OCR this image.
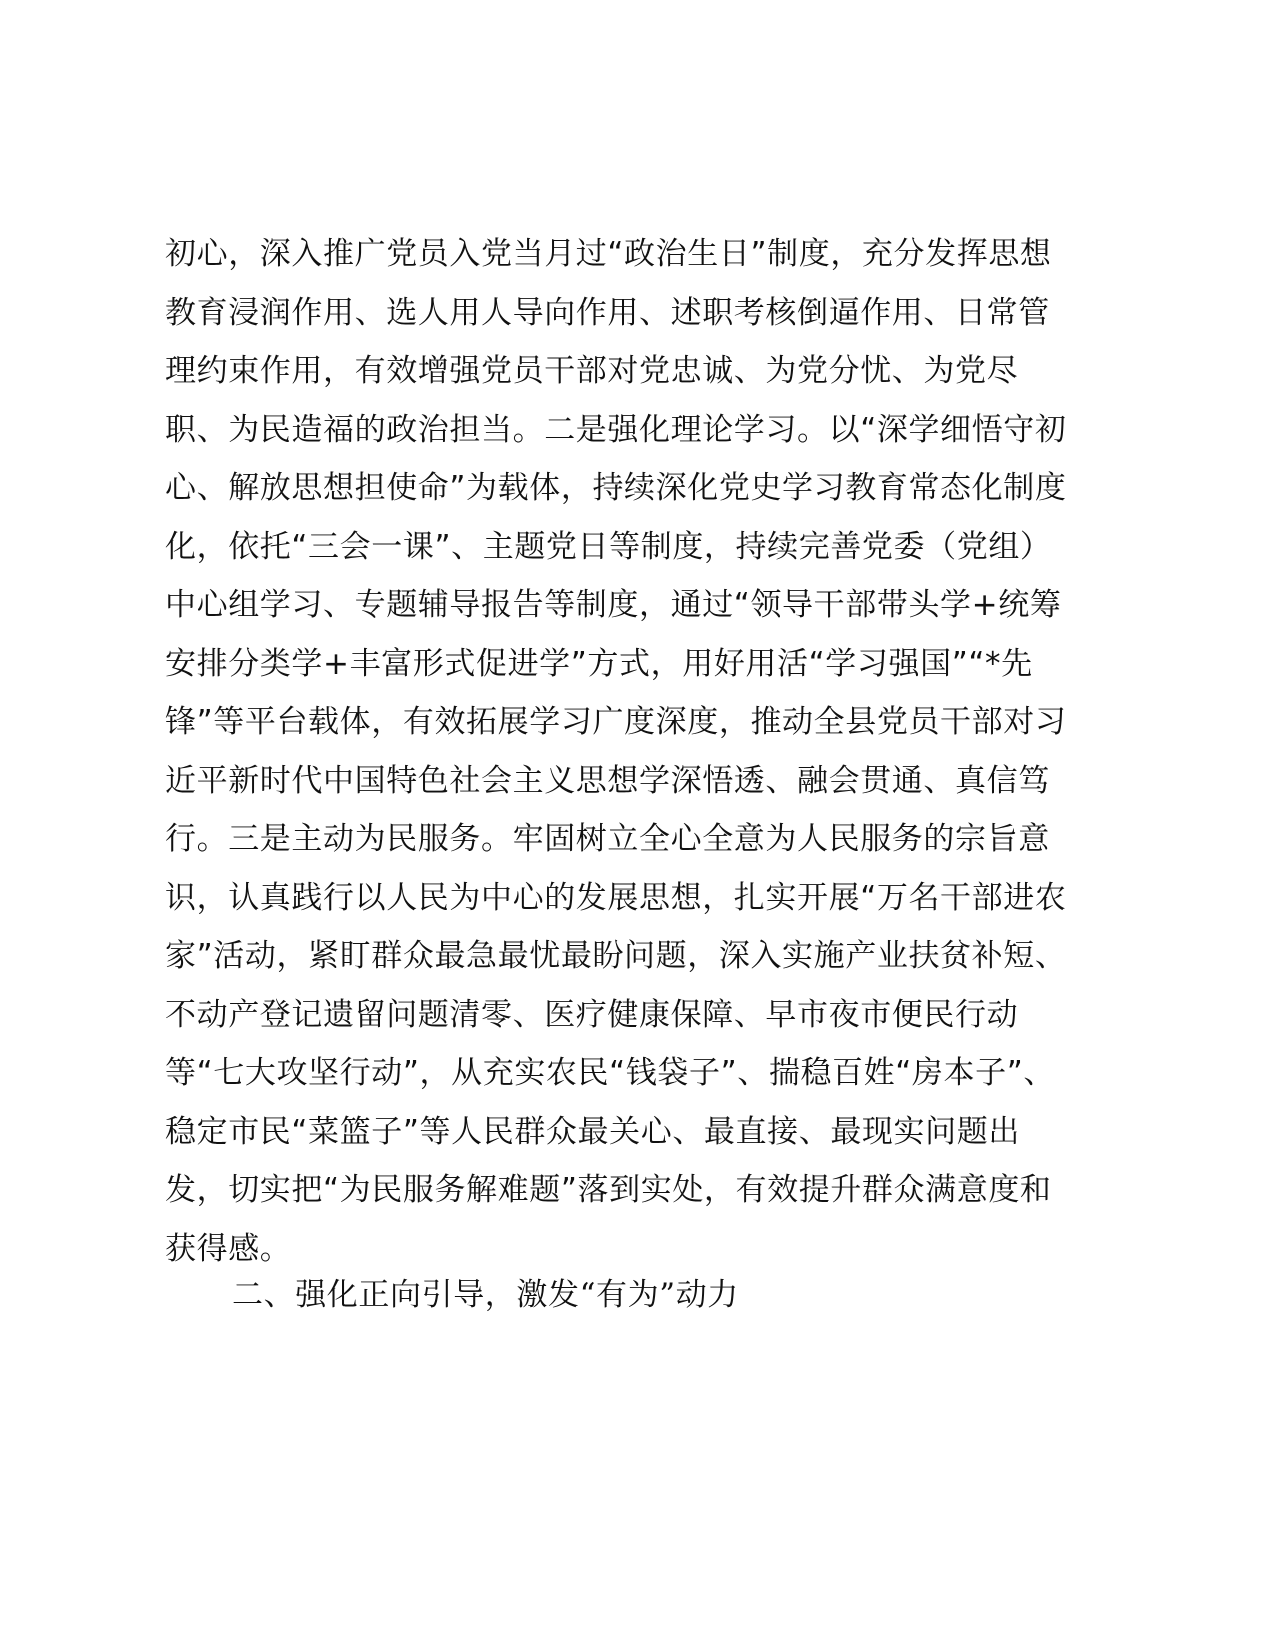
初心，深入推广党员入党当月过“政治生日”制度，充分发挥思想
教育浸润作用、选人用人导向作用、述职考核倒逼作用、日常管
理约束作用，有效增强党员干部对党忠诚、为党分忧、为党尽
职、为民造福的政治担当。二是强化理论学习。以“深学细悟守初
心、解放思想担使命”为载体，持续深化党史学习教育常态化制度
化，依托“三会一课”、主题党日等制度，持续完善党委（党组）
中心组学习、专题辅导报告等制度，通过“领导干部带头学+统筹
安排分类学+丰富形式促进学”方式，用好用活“学习强国”“*先
锋”等平台载体，有效拓展学习广度深度，推动全县党员干部对习
近平新时代中国特色社会主义思想学深悟透、融会贯通、真信笃
行。三是主动为民服务。牢固树立全心全意为人民服务的宗旨意
识，认真践行以人民为中心的发展思想，扎实开展“万名干部进农
家”活动，紧盯群众最急最忧最盼问题，深入实施产业扶贫补短、
不动产登记遗留问题清零、医疗健康保障、早市夜市便民行动
等“七大攻坚行动”，从充实农民“钱袋子”、揣稳百姓“房本子”、
稳定市民“菜篮子”等人民群众最关心、最直接、最现实问题出
发，切实把“为民服务解难题”落到实处，有效提升群众满意度和
获得感。
二、强化正向引导，激发“有为”动力
